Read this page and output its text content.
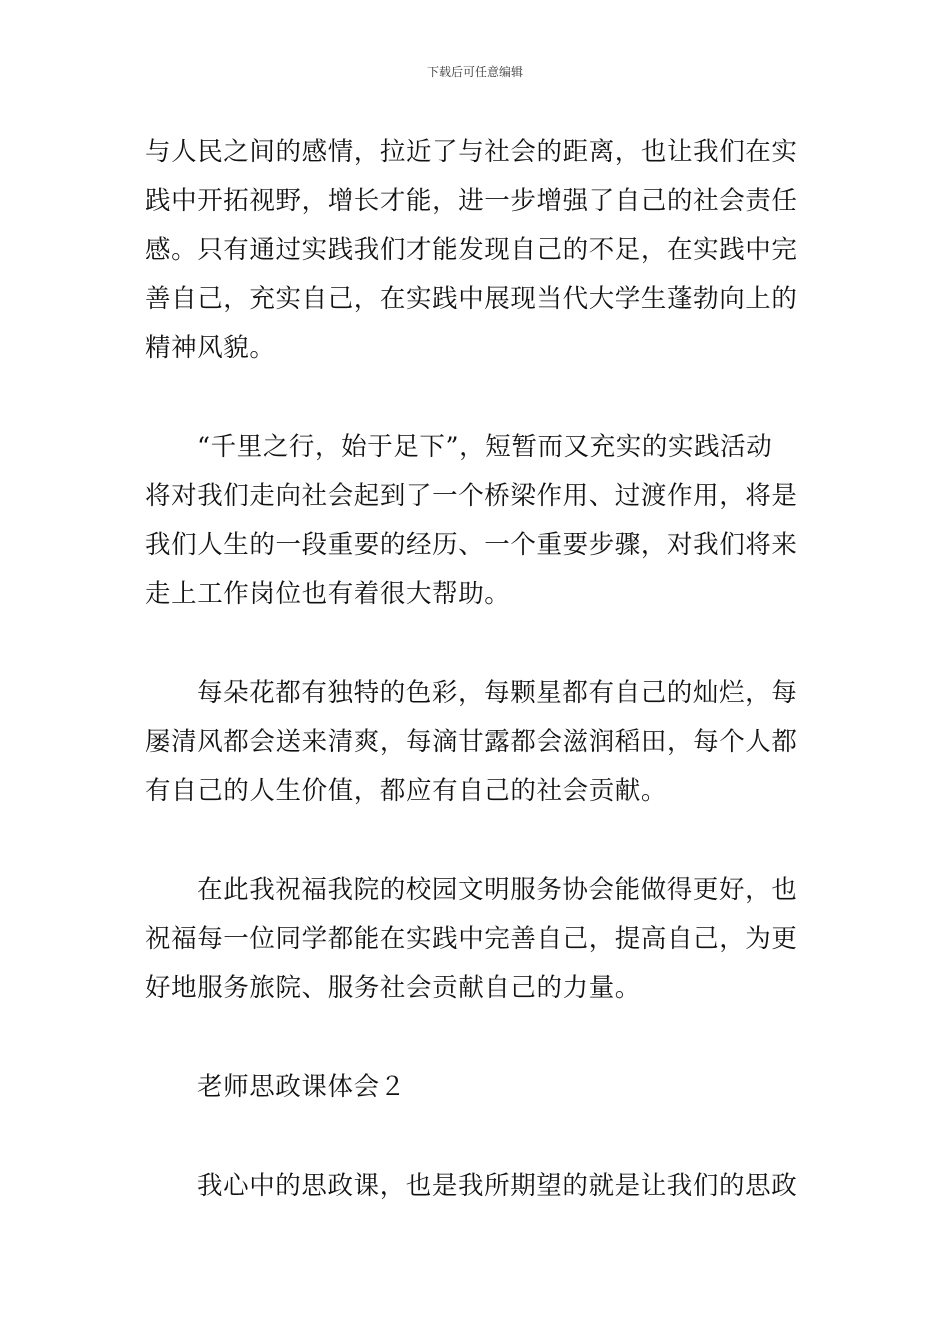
下载后可任意编辑
与人民之间的感情，拉近了与社会的距离，也让我们在实
践中开拓视野，增长才能，进一步增强了自己的社会责任
感。只有通过实践我们才能发现自己的不足，在实践中完
善自己，充实自己，在实践中展现当代大学生蓬勃向上的
精神风貌。
“千里之行，始于足下”，短暂而又充实的实践活动
将对我们走向社会起到了一个桥梁作用、过渡作用，将是
我们人生的一段重要的经历、一个重要步骤，对我们将来
走上工作岗位也有着很大帮助。
每朵花都有独特的色彩，每颗星都有自己的灿烂，每
屡清风都会送来清爽，每滴甘露都会滋润稻田，每个人都
有自己的人生价值，都应有自己的社会贡献。
在此我祝福我院的校园文明服务协会能做得更好，也
祝福每一位同学都能在实践中完善自己，提高自己，为更
好地服务旅院、服务社会贡献自己的力量。
老师思政课体会２
我心中的思政课，也是我所期望的就是让我们的思政
